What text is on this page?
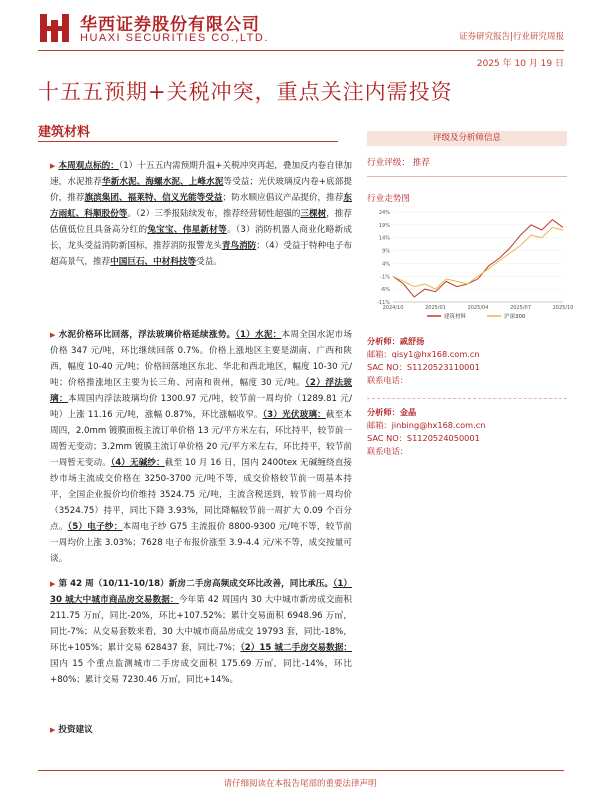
华西证券股份有限公司
HUAXI SECURITIES CO.,LTD.	证券研究报告|行业研究周报
2025 年 10 月 19 日
十五五预期+关税冲突，重点关注内需投资
建筑材料
▶ 本周观点标的：（1）十五五内需预期升温+关税冲突再起，叠加反内卷自律加速，水泥推荐华新水泥、海螺水泥、上峰水泥等受益；光伏玻璃反内卷+底部提价，推荐旗滨集团、福莱特、信义光能等受益；防水顺应倡议产品提价，推荐东方雨虹、科顺股份等。（2）三季报陆续发布，推荐经营韧性超强的三棵树，推荐估值低位且具备高分红的兔宝宝、伟星新材等。（3）消防机器人商业化略新成长，龙头受益消防新国标，推荐消防报警龙头青鸟消防；（4）受益于特种电子布超高景气，推荐中国巨石、中材科技等受益。
▶ 水泥价格环比回落，浮法玻璃价格延续涨势。（1）水泥：本周全国水泥市场价格 347 元/吨，环比继续回落 0.7%。价格上涨地区主要是湖南、广西和陕西，幅度 10-40 元/吨；价格回落地区东北、华北和西北地区，幅度 10-30 元/吨；价格推涨地区主要为长三角、河南和贵州，幅度 30 元/吨。（2）浮法玻璃：本周国内浮法玻璃均价 1300.97 元/吨，较节前一周均价（1289.81 元/吨）上涨 11.16 元/吨，涨幅 0.87%，环比涨幅收窄。（3）光伏玻璃：截至本周四，2.0mm 镀膜面板主流订单价格 13 元/平方米左右，环比持平，较节前一周暂无变动；3.2mm 镀膜主流订单价格 20 元/平方米左右，环比持平，较节前一周暂无变动。（4）无碱纱：截至 10 月 16 日，国内 2400tex 无碱缠绕直接纱市场主流成交价格在 3250-3700 元/吨不等，成交价格较节前一周基本持平，全国企业报价均价维持 3524.75 元/吨，主流含税送到，较节前一周均价（3524.75）持平，同比下降 3.93%，同比降幅较节前一周扩大 0.09 个百分点。（5）电子纱：本周电子纱 G75 主流报价 8800-9300 元/吨不等，较节前一周均价上涨 3.03%；7628 电子布报价涨至 3.9-4.4 元/米不等，成交按量可谈。
▶ 第 42 周（10/11-10/18）新房二手房高频成交环比改善，同比承压。（1）30 城大中城市商品房交易数据：今年第 42 周国内 30 大中城市新房成交面积 211.75 万㎡，同比-20%，环比+107.52%；累计交易面积 6948.96 万㎡，同比-7%；从交易套数来看，30 大中城市商品房成交 19793 套，同比-18%，环比+105%；累计交易 628437 套，同比-7%；（2）15 城二手房交易数据：国内 15 个重点监测城市二手房成交面积 175.69 万㎡，同比-14%，环比+80%；累计交易 7230.46 万㎡，同比+14%。
▶ 投资建议
评级及分析师信息
行业评级： 推荐
行业走势图
24%
19%
14%
9%
4%
-1%
-6%
-11%
2024/10	2025/01	2025/04	2025/07	2025/10
建筑材料	沪深300
分析师：戚舒扬
邮箱：qisy1@hx168.com.cn
SAC NO：S1120523110001
联系电话：
分析师：金晶
邮箱：jinbing@hx168.com.cn
SAC NO：S1120524050001
联系电话：
请仔细阅读在本报告尾部的重要法律声明
